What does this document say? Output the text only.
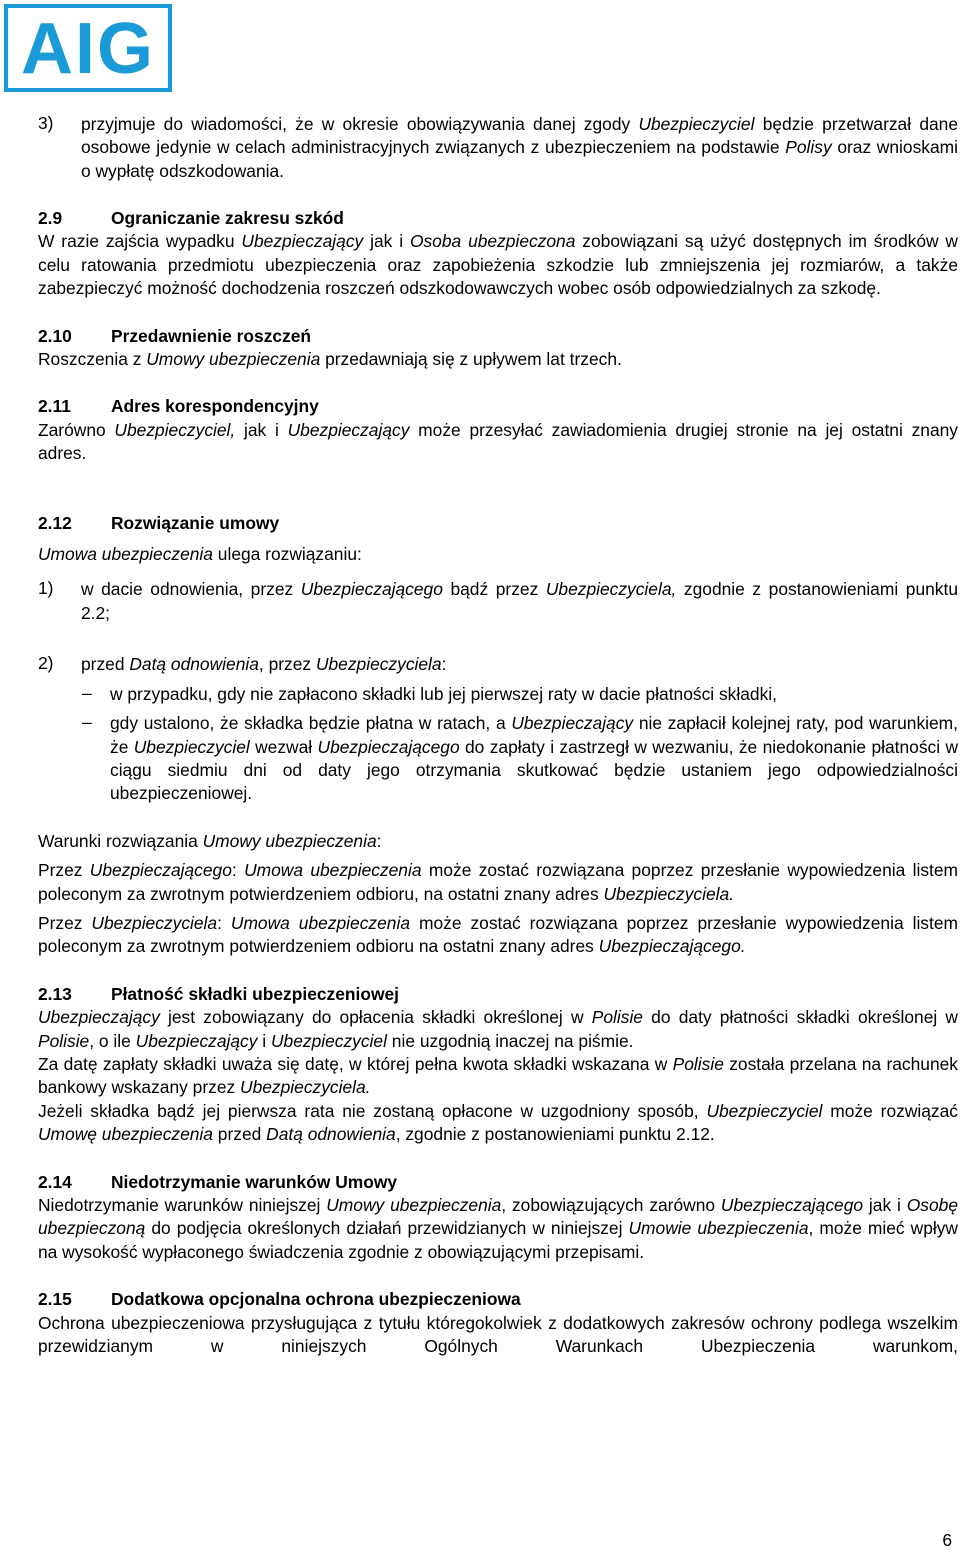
AIG
3)	przyjmuje do wiadomości, że w okresie obowiązywania danej zgody Ubezpieczyciel będzie przetwarzał dane osobowe jedynie w celach administracyjnych związanych z ubezpieczeniem na podstawie Polisy oraz wnioskami o wypłatę odszkodowania.
2.9	Ograniczanie zakresu szkód

W razie zajścia wypadku Ubezpieczający jak i Osoba ubezpieczona zobowiązani są użyć dostępnych im środków w celu ratowania przedmiotu ubezpieczenia oraz zapobieżenia szkodzie lub zmniejszenia jej rozmiarów, a także zabezpieczyć możność dochodzenia roszczeń odszkodowawczych wobec osób odpowiedzialnych za szkodę.

2.10	Przedawnienie roszczeń

Roszczenia z Umowy ubezpieczenia przedawniają się z upływem lat trzech.

2.11	Adres korespondencyjny

Zarówno Ubezpieczyciel, jak i Ubezpieczający może przesyłać zawiadomienia drugiej stronie na jej ostatni znany adres.

2.12	Rozwiązanie umowy

Umowa ubezpieczenia ulega rozwiązaniu:

1)	w dacie odnowienia, przez Ubezpieczającego bądź przez Ubezpieczyciela, zgodnie z postanowieniami punktu 2.2;
2)	przed Datą odnowienia, przez Ubezpieczyciela:
–	w przypadku, gdy nie zapłacono składki lub jej pierwszej raty w dacie płatności składki,
–	gdy ustalono, że składka będzie płatna w ratach, a Ubezpieczający nie zapłacił kolejnej raty, pod warunkiem, że Ubezpieczyciel wezwał Ubezpieczającego do zapłaty i zastrzegł w wezwaniu, że niedokonanie płatności w ciągu siedmiu dni od daty jego otrzymania skutkować będzie ustaniem jego odpowiedzialności ubezpieczeniowej.

Warunki rozwiązania Umowy ubezpieczenia:

Przez Ubezpieczającego: Umowa ubezpieczenia może zostać rozwiązana poprzez przesłanie wypowiedzenia listem poleconym za zwrotnym potwierdzeniem odbioru, na ostatni znany adres Ubezpieczyciela.

Przez Ubezpieczyciela: Umowa ubezpieczenia może zostać rozwiązana poprzez przesłanie wypowiedzenia listem poleconym za zwrotnym potwierdzeniem odbioru na ostatni znany adres Ubezpieczającego.

2.13	Płatność składki ubezpieczeniowej

Ubezpieczający jest zobowiązany do opłacenia składki określonej w Polisie do daty płatności składki określonej w Polisie, o ile Ubezpieczający i Ubezpieczyciel nie uzgodnią inaczej na piśmie.

Za datę zapłaty składki uważa się datę, w której pełna kwota składki wskazana w Polisie została przelana na rachunek bankowy wskazany przez Ubezpieczyciela.

Jeżeli składka bądź jej pierwsza rata nie zostaną opłacone w uzgodniony sposób, Ubezpieczyciel może rozwiązać Umowę ubezpieczenia przed Datą odnowienia, zgodnie z postanowieniami punktu 2.12.

2.14	Niedotrzymanie warunków Umowy

Niedotrzymanie warunków niniejszej Umowy ubezpieczenia, zobowiązujących zarówno Ubezpieczającego jak i Osobę ubezpieczoną do podjęcia określonych działań przewidzianych w niniejszej Umowie ubezpieczenia, może mieć wpływ na wysokość wypłaconego świadczenia zgodnie z obowiązującymi przepisami.

2.15	Dodatkowa opcjonalna ochrona ubezpieczeniowa

Ochrona ubezpieczeniowa przysługująca z tytułu któregokolwiek z dodatkowych zakresów ochrony podlega wszelkim przewidzianym w niniejszych Ogólnych Warunkach Ubezpieczenia warunkom,

6
